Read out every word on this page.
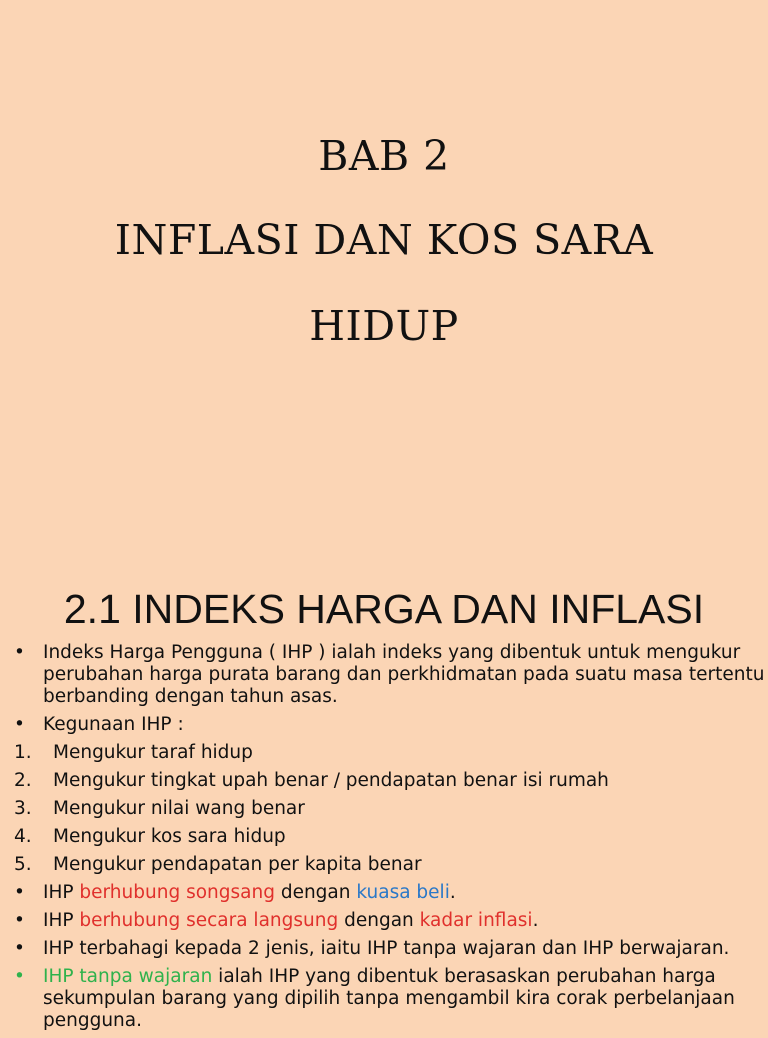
BAB 2
INFLASI DAN KOS SARA
HIDUP
2.1 INDEKS HARGA DAN INFLASI
• Indeks Harga Pengguna ( IHP ) ialah indeks yang dibentuk untuk mengukur perubahan harga purata barang dan perkhidmatan pada suatu masa tertentu berbanding dengan tahun asas.
• Kegunaan IHP :
1. Mengukur taraf hidup
2. Mengukur tingkat upah benar / pendapatan benar isi rumah
3. Mengukur nilai wang benar
4. Mengukur kos sara hidup
5. Mengukur pendapatan per kapita benar
• IHP berhubung songsang dengan kuasa beli.
• IHP berhubung secara langsung dengan kadar inflasi.
• IHP terbahagi kepada 2 jenis, iaitu IHP tanpa wajaran dan IHP berwajaran.
• IHP tanpa wajaran ialah IHP yang dibentuk berasaskan perubahan harga sekumpulan barang yang dipilih tanpa mengambil kira corak perbelanjaan pengguna.
